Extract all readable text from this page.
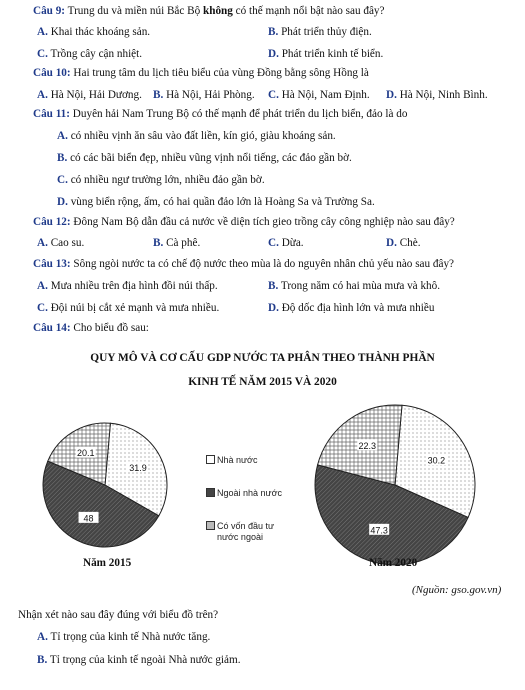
Câu 9: Trung du và miền núi Bắc Bộ không có thế mạnh nổi bật nào sau đây?
A. Khai thác khoáng sản.	B. Phát triển thủy điện.
C. Trồng cây cận nhiệt.	D. Phát triển kinh tế biển.
Câu 10: Hai trung tâm du lịch tiêu biểu của vùng Đồng bằng sông Hồng là
A. Hà Nội, Hải Dương. B. Hà Nội, Hải Phòng. C. Hà Nội, Nam Định. D. Hà Nội, Ninh Bình.
Câu 11: Duyên hải Nam Trung Bộ có thế mạnh để phát triển du lịch biển, đảo là do
A. có nhiều vịnh ăn sâu vào đất liền, kín gió, giàu khoáng sản.
B. có các bãi biển đẹp, nhiều vũng vịnh nổi tiếng, các đảo gần bờ.
C. có nhiều ngư trường lớn, nhiều đảo gần bờ.
D. vùng biển rộng, ấm, có hai quần đảo lớn là Hoàng Sa và Trường Sa.
Câu 12: Đông Nam Bộ dẫn đầu cả nước về diện tích gieo trồng cây công nghiệp nào sau đây?
A. Cao su.	B. Cà phê.	C. Dừa.	D. Chè.
Câu 13: Sông ngòi nước ta có chế độ nước theo mùa là do nguyên nhân chủ yếu nào sau đây?
A. Mưa nhiều trên địa hình đồi núi thấp.	B. Trong năm có hai mùa mưa và khô.
C. Đội núi bị cắt xẻ mạnh và mưa nhiều.	D. Độ dốc địa hình lớn và mưa nhiều
Câu 14: Cho biểu đồ sau:
QUY MÔ VÀ CƠ CẤU GDP NƯỚC TA PHÂN THEO THÀNH PHẦN
KINH TẾ NĂM 2015 VÀ 2020
31.9
48
20.1
30.2
47.3
22.3
Nhà nước
Ngoài nhà nước
Có vốn đầu tư
nước ngoài
Năm 2015	Năm 2020
(Nguồn: gso.gov.vn)
Nhận xét nào sau đây đúng với biểu đồ trên?
A. Tỉ trọng của kinh tế Nhà nước tăng.
B. Tỉ trọng của kinh tế ngoài Nhà nước giảm.
